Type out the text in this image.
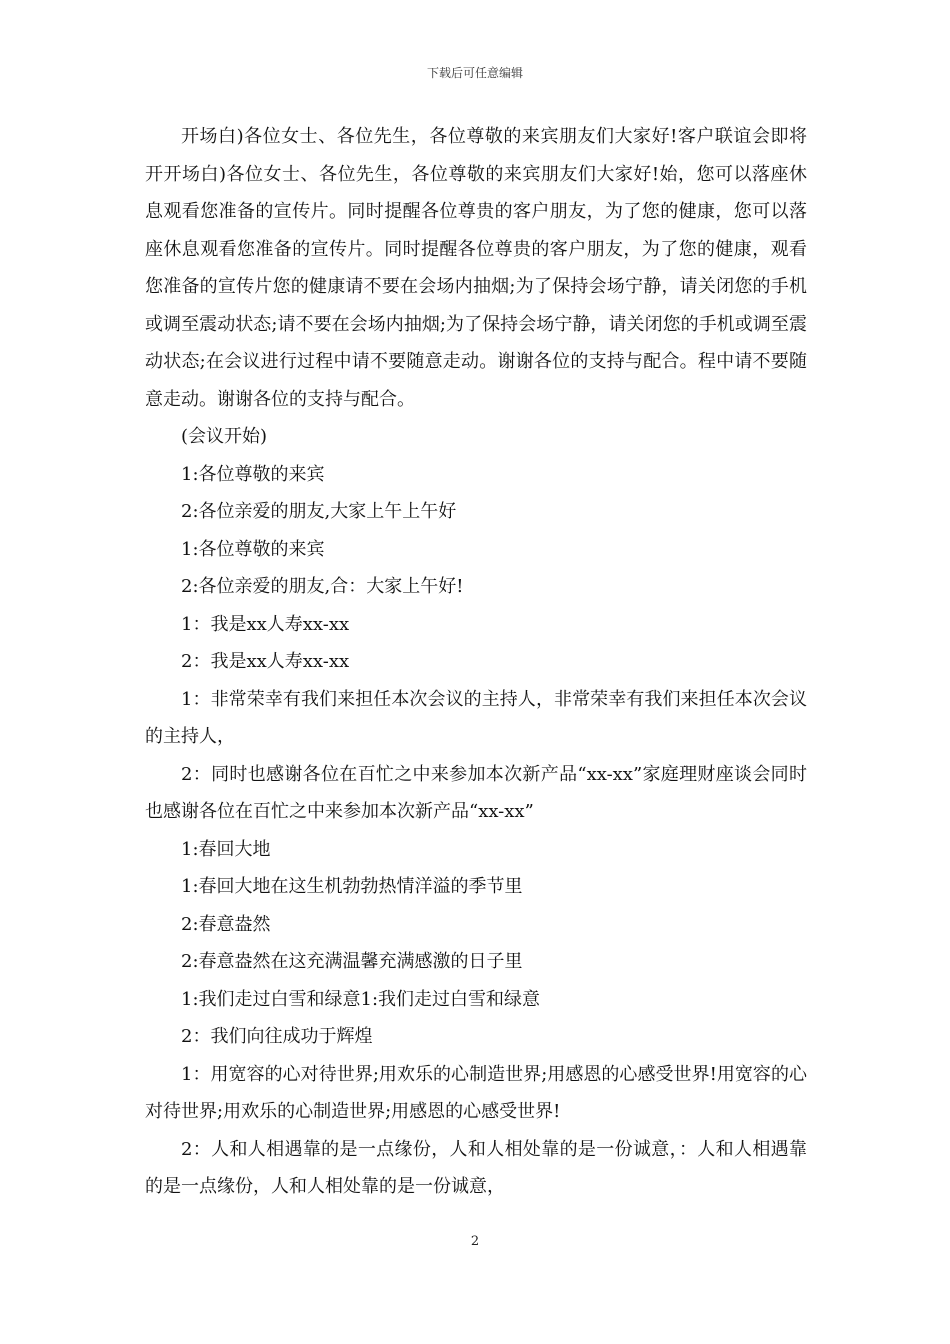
下载后可任意编辑

开场白)各位女士、各位先生，各位尊敬的来宾朋友们大家好!客户联谊会即将开开场白)各位女士、各位先生，各位尊敬的来宾朋友们大家好!始，您可以落座休息观看您准备的宣传片。同时提醒各位尊贵的客户朋友，为了您的健康，您可以落座休息观看您准备的宣传片。同时提醒各位尊贵的客户朋友，为了您的健康，观看您准备的宣传片您的健康请不要在会场内抽烟;为了保持会场宁静，请关闭您的手机或调至震动状态;请不要在会场内抽烟;为了保持会场宁静，请关闭您的手机或调至震动状态;在会议进行过程中请不要随意走动。谢谢各位的支持与配合。程中请不要随意走动。谢谢各位的支持与配合。

(会议开始)

1:各位尊敬的来宾

2:各位亲爱的朋友,大家上午上午好

1:各位尊敬的来宾

2:各位亲爱的朋友,合：大家上午好!

1：我是xx人寿xx-xx

2：我是xx人寿xx-xx

1：非常荣幸有我们来担任本次会议的主持人，非常荣幸有我们来担任本次会议的主持人，

2：同时也感谢各位在百忙之中来参加本次新产品“xx-xx”家庭理财座谈会同时也感谢各位在百忙之中来参加本次新产品“xx-xx”

1:春回大地

1:春回大地在这生机勃勃热情洋溢的季节里

2:春意盎然

2:春意盎然在这充满温馨充满感激的日子里

1:我们走过白雪和绿意1:我们走过白雪和绿意

2：我们向往成功于辉煌

1：用宽容的心对待世界;用欢乐的心制造世界;用感恩的心感受世界!用宽容的心对待世界;用欢乐的心制造世界;用感恩的心感受世界!

2：人和人相遇靠的是一点缘份，人和人相处靠的是一份诚意，：人和人相遇靠的是一点缘份，人和人相处靠的是一份诚意，

2
